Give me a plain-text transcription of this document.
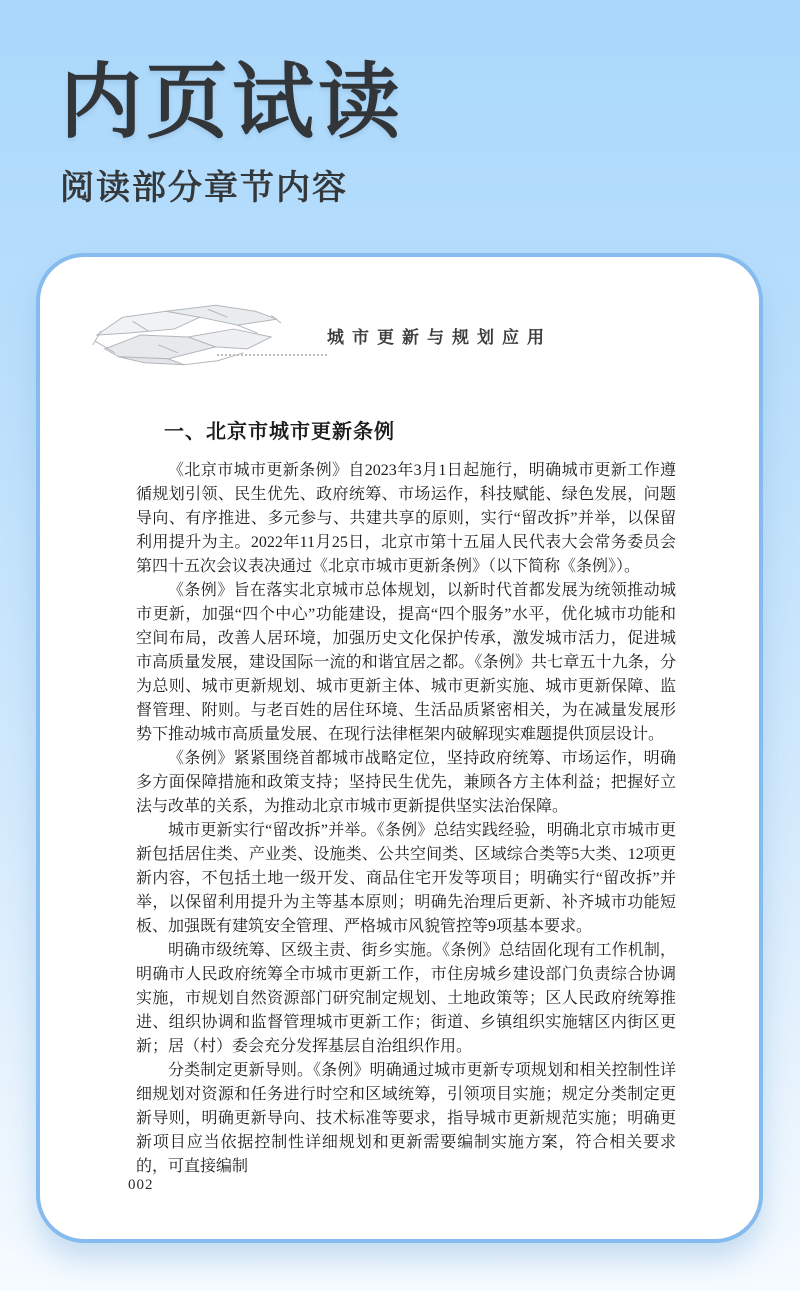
内页试读
阅读部分章节内容
城市更新与规划应用
一、北京市城市更新条例

《北京市城市更新条例》自2023年3月1日起施行，明确城市更新工作遵循规划引领、民生优先、政府统筹、市场运作，科技赋能、绿色发展，问题导向、有序推进、多元参与、共建共享的原则，实行“留改拆”并举，以保留利用提升为主。2022年11月25日，北京市第十五届人民代表大会常务委员会第四十五次会议表决通过《北京市城市更新条例》（以下简称《条例》）。

《条例》旨在落实北京城市总体规划，以新时代首都发展为统领推动城市更新，加强“四个中心”功能建设，提高“四个服务”水平，优化城市功能和空间布局，改善人居环境，加强历史文化保护传承，激发城市活力，促进城市高质量发展，建设国际一流的和谐宜居之都。《条例》共七章五十九条，分为总则、城市更新规划、城市更新主体、城市更新实施、城市更新保障、监督管理、附则。与老百姓的居住环境、生活品质紧密相关，为在减量发展形势下推动城市高质量发展、在现行法律框架内破解现实难题提供顶层设计。

《条例》紧紧围绕首都城市战略定位，坚持政府统筹、市场运作，明确多方面保障措施和政策支持；坚持民生优先，兼顾各方主体利益；把握好立法与改革的关系，为推动北京市城市更新提供坚实法治保障。

城市更新实行“留改拆”并举。《条例》总结实践经验，明确北京市城市更新包括居住类、产业类、设施类、公共空间类、区域综合类等5大类、12项更新内容，不包括土地一级开发、商品住宅开发等项目；明确实行“留改拆”并举，以保留利用提升为主等基本原则；明确先治理后更新、补齐城市功能短板、加强既有建筑安全管理、严格城市风貌管控等9项基本要求。

明确市级统筹、区级主责、街乡实施。《条例》总结固化现有工作机制，明确市人民政府统筹全市城市更新工作，市住房城乡建设部门负责综合协调实施，市规划自然资源部门研究制定规划、土地政策等；区人民政府统筹推进、组织协调和监督管理城市更新工作；街道、乡镇组织实施辖区内街区更新；居（村）委会充分发挥基层自治组织作用。

分类制定更新导则。《条例》明确通过城市更新专项规划和相关控制性详细规划对资源和任务进行时空和区域统筹，引领项目实施；规定分类制定更新导则，明确更新导向、技术标准等要求，指导城市更新规范实施；明确更新项目应当依据控制性详细规划和更新需要编制实施方案，符合相关要求的，可直接编制

002
